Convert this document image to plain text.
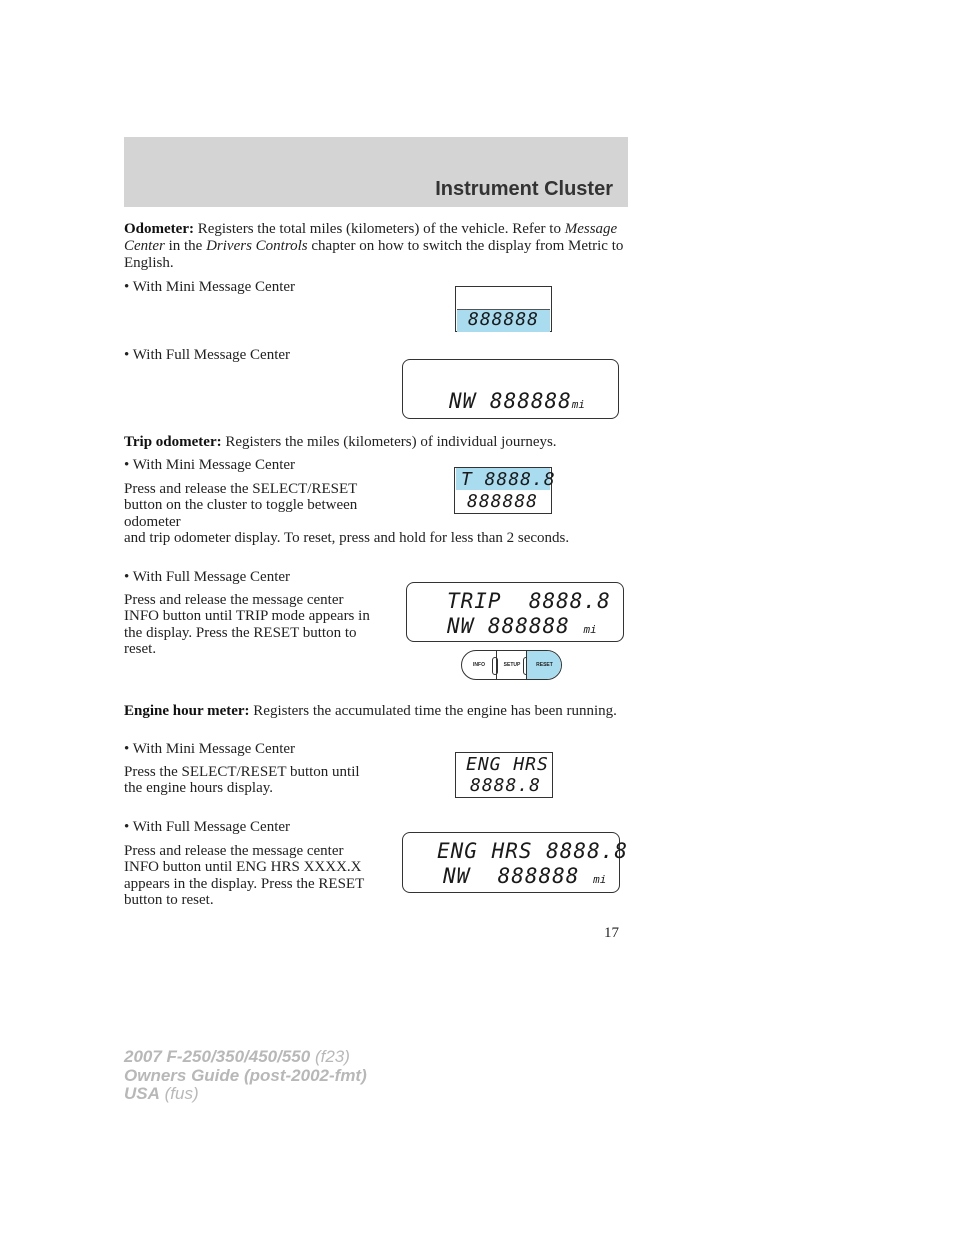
Instrument Cluster
Odometer: Registers the total miles (kilometers) of the vehicle. Refer to Message Center in the Drivers Controls chapter on how to switch the display from Metric to English.
• With Mini Message Center
888888
• With Full Message Center
NW 888888mi
Trip odometer: Registers the miles (kilometers) of individual journeys.
• With Mini Message Center
Press and release the SELECT/RESET button on the cluster to toggle between odometer
and trip odometer display. To reset, press and hold for less than 2 seconds.
T 8888.8
888888
• With Full Message Center
Press and release the message center INFO button until TRIP mode appears in the display. Press the RESET button to reset.
TRIP  8888.8
NW 888888 mi
INFO	SETUP	RESET
Engine hour meter: Registers the accumulated time the engine has been running.
• With Mini Message Center
Press the SELECT/RESET button until the engine hours display.
ENG HRS
8888.8
• With Full Message Center
Press and release the message center INFO button until ENG HRS XXXX.X appears in the display. Press the RESET button to reset.
ENG HRS 8888.8
NW  888888 mi
17
2007 F-250/350/450/550 (f23)
Owners Guide (post-2002-fmt)
USA (fus)
